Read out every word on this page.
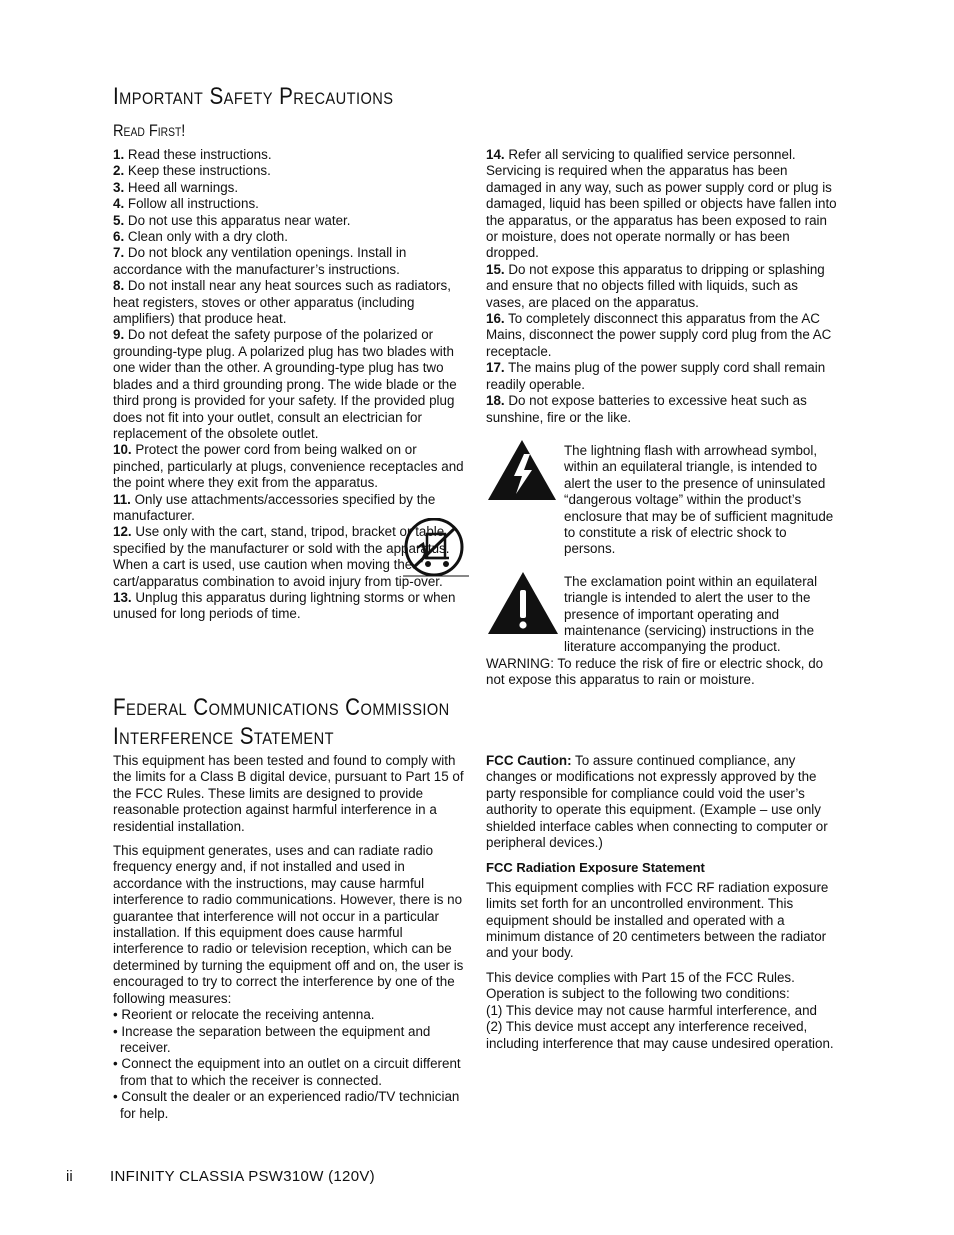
Important Safety Precautions
Read First!

1. Read these instructions.

2. Keep these instructions.

3. Heed all warnings.

4. Follow all instructions.

5. Do not use this apparatus near water.

6. Clean only with a dry cloth.

7. Do not block any ventilation openings. Install in accordance with the manufacturer’s instructions.

8. Do not install near any heat sources such as radiators, heat registers, stoves or other apparatus (including amplifiers) that produce heat.

9. Do not defeat the safety purpose of the polarized or grounding-type plug. A polarized plug has two blades with one wider than the other. A grounding-type plug has two blades and a third grounding prong. The wide blade or the third prong is provided for your safety. If the provided plug does not fit into your outlet, consult an electrician for replacement of the obsolete outlet.

10. Protect the power cord from being walked on or pinched, particularly at plugs, convenience receptacles and the point where they exit from the apparatus.

11. Only use attachments/accessories specified by the manufacturer.

12. Use only with the cart, stand, tripod, bracket or table specified by the manufacturer or sold with the apparatus. When a cart is used, use caution when moving the cart/apparatus combination to avoid injury from tip-over.

13. Unplug this apparatus during lightning storms or when unused for long periods of time.

14. Refer all servicing to qualified service personnel. Servicing is required when the apparatus has been damaged in any way, such as power supply cord or plug is damaged, liquid has been spilled or objects have fallen into the apparatus, or the apparatus has been exposed to rain or moisture, does not operate normally or has been dropped.

15. Do not expose this apparatus to dripping or splashing and ensure that no objects filled with liquids, such as vases, are placed on the apparatus.

16. To completely disconnect this apparatus from the AC Mains, disconnect the power supply cord plug from the AC receptacle.

17. The mains plug of the power supply cord shall remain readily operable.

18. Do not expose batteries to excessive heat such as sunshine, fire or the like.

The lightning flash with arrowhead symbol, within an equilateral triangle, is intended to alert the user to the presence of uninsulated “dangerous voltage” within the product’s enclosure that may be of sufficient magnitude to constitute a risk of electric shock to persons.

The exclamation point within an equilateral triangle is intended to alert the user to the presence of important operating and maintenance (servicing) instructions in the literature accompanying the product.

WARNING: To reduce the risk of fire or electric shock, do not expose this apparatus to rain or moisture.

Federal Communications Commission
Interference Statement

This equipment has been tested and found to comply with the limits for a Class B digital device, pursuant to Part 15 of the FCC Rules. These limits are designed to provide reasonable protection against harmful interference in a residential installation.

This equipment generates, uses and can radiate radio frequency energy and, if not installed and used in accordance with the instructions, may cause harmful interference to radio communications. However, there is no guarantee that interference will not occur in a particular installation. If this equipment does cause harmful interference to radio or television reception, which can be determined by turning the equipment off and on, the user is encouraged to try to correct the interference by one of the following measures:

• Reorient or relocate the receiving antenna.

• Increase the separation between the equipment and receiver.

• Connect the equipment into an outlet on a circuit different from that to which the receiver is connected.

• Consult the dealer or an experienced radio/TV technician for help.

FCC Caution: To assure continued compliance, any changes or modifications not expressly approved by the party responsible for compliance could void the user’s authority to operate this equipment. (Example – use only shielded interface cables when connecting to computer or peripheral devices.)

FCC Radiation Exposure Statement

This equipment complies with FCC RF radiation exposure limits set forth for an uncontrolled environment. This equipment should be installed and operated with a minimum distance of 20 centimeters between the radiator and your body.

This device complies with Part 15 of the FCC Rules. Operation is subject to the following two conditions:

(1) This device may not cause harmful interference, and

(2) This device must accept any interference received, including interference that may cause undesired operation.

ii INFINITY CLASSIA PSW310W (120V)
